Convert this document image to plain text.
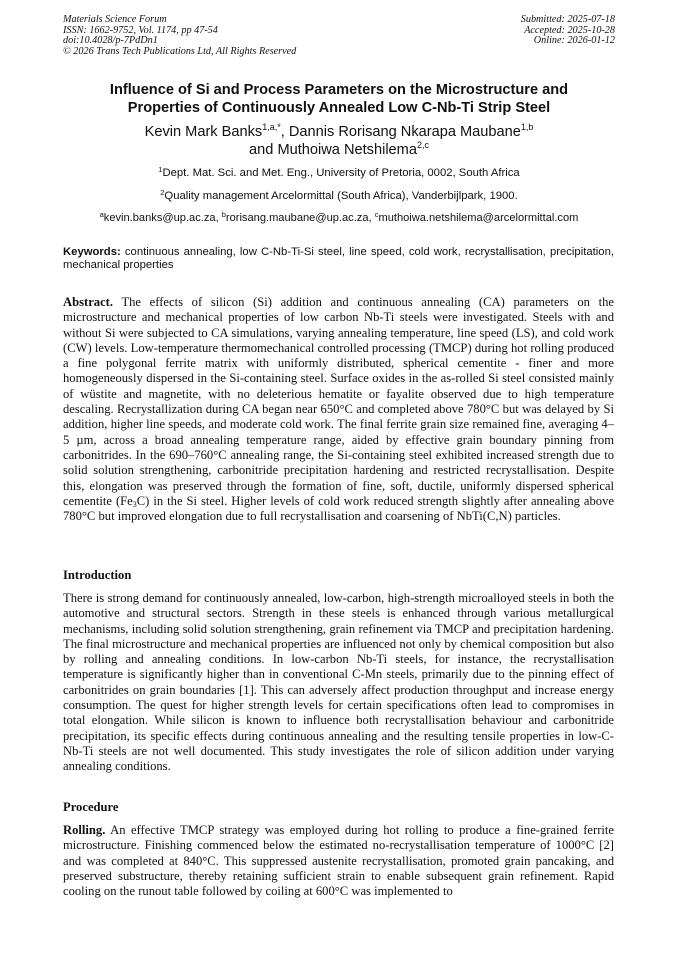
Materials Science Forum
ISSN: 1662-9752, Vol. 1174, pp 47-54
doi:10.4028/p-7PdDn1
© 2026 Trans Tech Publications Ltd, All Rights Reserved
Submitted: 2025-07-18
Accepted: 2025-10-28
Online: 2026-01-12
Influence of Si and Process Parameters on the Microstructure and
Properties of Continuously Annealed Low C-Nb-Ti Strip Steel
Kevin Mark Banks$^{1,a,*}$, Dannis Rorisang Nkarapa Maubane$^{1,b}$
and Muthoiwa Netshilema$^{2,c}$
$^1$Dept. Mat. Sci. and Met. Eng., University of Pretoria, 0002, South Africa
$^2$Quality management Arcelormittal (South Africa), Vanderbijlpark, 1900.
$^a$kevin.banks@up.ac.za, $^b$rorisang.maubane@up.ac.za, $^c$muthoiwa.netshilema@arcelormittal.com
Keywords: continuous annealing, low C-Nb-Ti-Si steel, line speed, cold work, recrystallisation, precipitation, mechanical properties
Abstract. The effects of silicon (Si) addition and continuous annealing (CA) parameters on the microstructure and mechanical properties of low carbon Nb-Ti steels were investigated. Steels with and without Si were subjected to CA simulations, varying annealing temperature, line speed (LS), and cold work (CW) levels. Low-temperature thermomechanical controlled processing (TMCP) during hot rolling produced a fine polygonal ferrite matrix with uniformly distributed, spherical cementite - finer and more homogeneously dispersed in the Si-containing steel. Surface oxides in the as-rolled Si steel consisted mainly of wüstite and magnetite, with no deleterious hematite or fayalite observed due to high temperature descaling. Recrystallization during CA began near 650°C and completed above 780°C but was delayed by Si addition, higher line speeds, and moderate cold work. The final ferrite grain size remained fine, averaging 4–5 µm, across a broad annealing temperature range, aided by effective grain boundary pinning from carbonitrides. In the 690–760°C annealing range, the Si-containing steel exhibited increased strength due to solid solution strengthening, carbonitride precipitation hardening and restricted recrystallisation. Despite this, elongation was preserved through the formation of fine, soft, ductile, uniformly dispersed spherical cementite $(Fe_3C)$ in the Si steel. Higher levels of cold work reduced strength slightly after annealing above 780°C but improved elongation due to full recrystallisation and coarsening of NbTi(C,N) particles.
Introduction
There is strong demand for continuously annealed, low-carbon, high-strength microalloyed steels in both the automotive and structural sectors. Strength in these steels is enhanced through various metallurgical mechanisms, including solid solution strengthening, grain refinement via TMCP and precipitation hardening. The final microstructure and mechanical properties are influenced not only by chemical composition but also by rolling and annealing conditions. In low-carbon Nb-Ti steels, for instance, the recrystallisation temperature is significantly higher than in conventional C-Mn steels, primarily due to the pinning effect of carbonitrides on grain boundaries [1]. This can adversely affect production throughput and increase energy consumption. The quest for higher strength levels for certain specifications often lead to compromises in total elongation. While silicon is known to influence both recrystallisation behaviour and carbonitride precipitation, its specific effects during continuous annealing and the resulting tensile properties in low-C-Nb-Ti steels are not well documented. This study investigates the role of silicon addition under varying annealing conditions.
Procedure
Rolling. An effective TMCP strategy was employed during hot rolling to produce a fine-grained ferrite microstructure. Finishing commenced below the estimated no-recrystallisation temperature of 1000°C [2] and was completed at 840°C. This suppressed austenite recrystallisation, promoted grain pancaking, and preserved substructure, thereby retaining sufficient strain to enable subsequent grain refinement. Rapid cooling on the runout table followed by coiling at 600°C was implemented to
